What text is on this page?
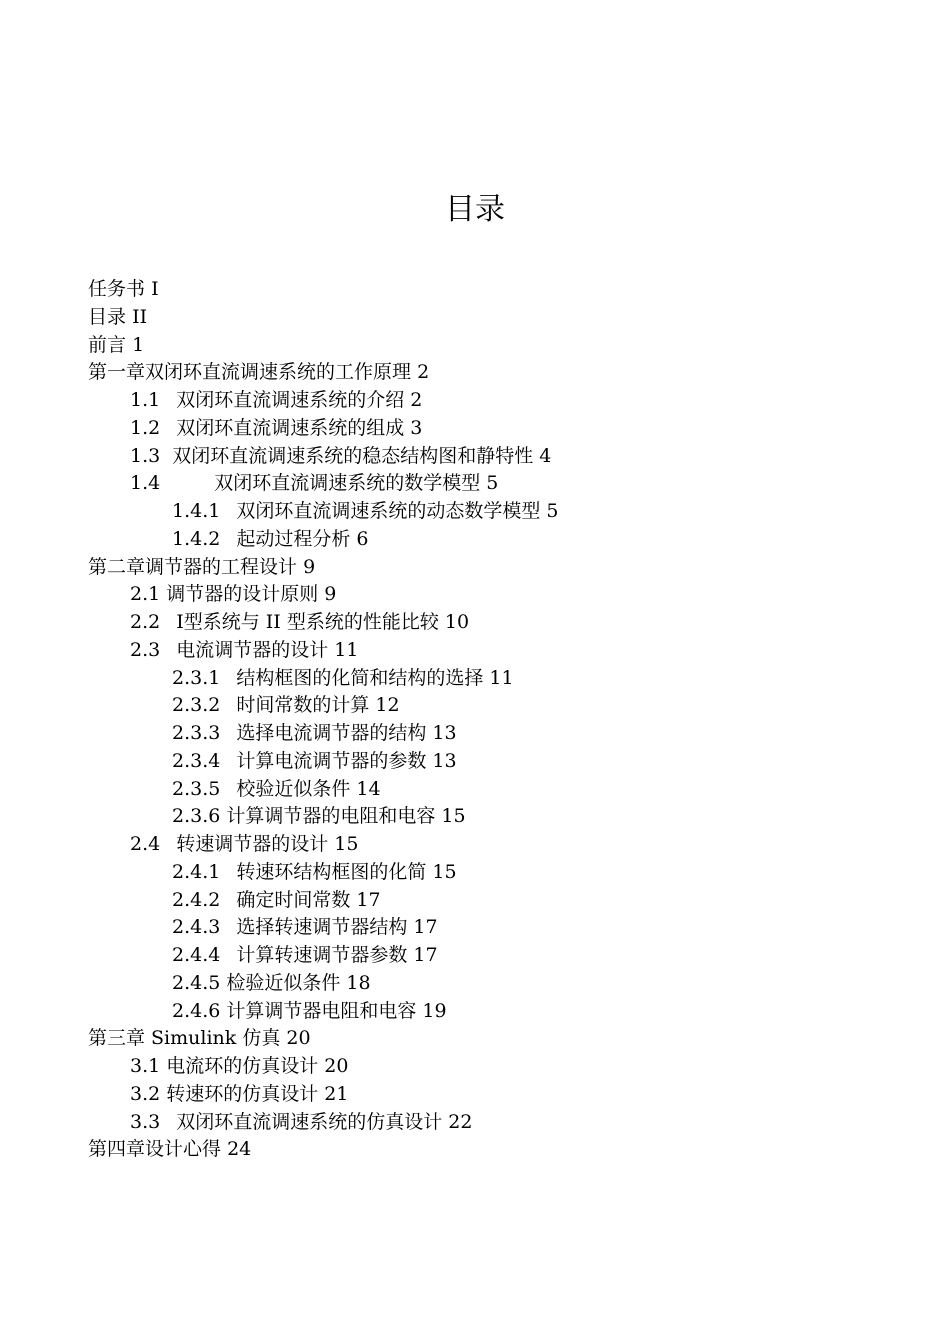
目录
任务书 I
目录 II
前言 1
第一章双闭环直流调速系统的工作原理 2
1.1 双闭环直流调速系统的介绍 2
1.2 双闭环直流调速系统的组成 3
1.3 双闭环直流调速系统的稳态结构图和静特性 4
1.4	双闭环直流调速系统的数学模型 5
1.4.1 双闭环直流调速系统的动态数学模型 5
1.4.2 起动过程分析 6
第二章调节器的工程设计 9
2.1 调节器的设计原则 9
2.2 Ⅰ型系统与 II 型系统的性能比较 10
2.3 电流调节器的设计 11
2.3.1 结构框图的化简和结构的选择 11
2.3.2 时间常数的计算 12
2.3.3 选择电流调节器的结构 13
2.3.4 计算电流调节器的参数 13
2.3.5 校验近似条件 14
2.3.6 计算调节器的电阻和电容 15
2.4 转速调节器的设计 15
2.4.1 转速环结构框图的化简 15
2.4.2 确定时间常数 17
2.4.3 选择转速调节器结构 17
2.4.4 计算转速调节器参数 17
2.4.5 检验近似条件 18
2.4.6 计算调节器电阻和电容 19
第三章 Simulink 仿真 20
3.1 电流环的仿真设计 20
3.2 转速环的仿真设计 21
3.3 双闭环直流调速系统的仿真设计 22
第四章设计心得 24
